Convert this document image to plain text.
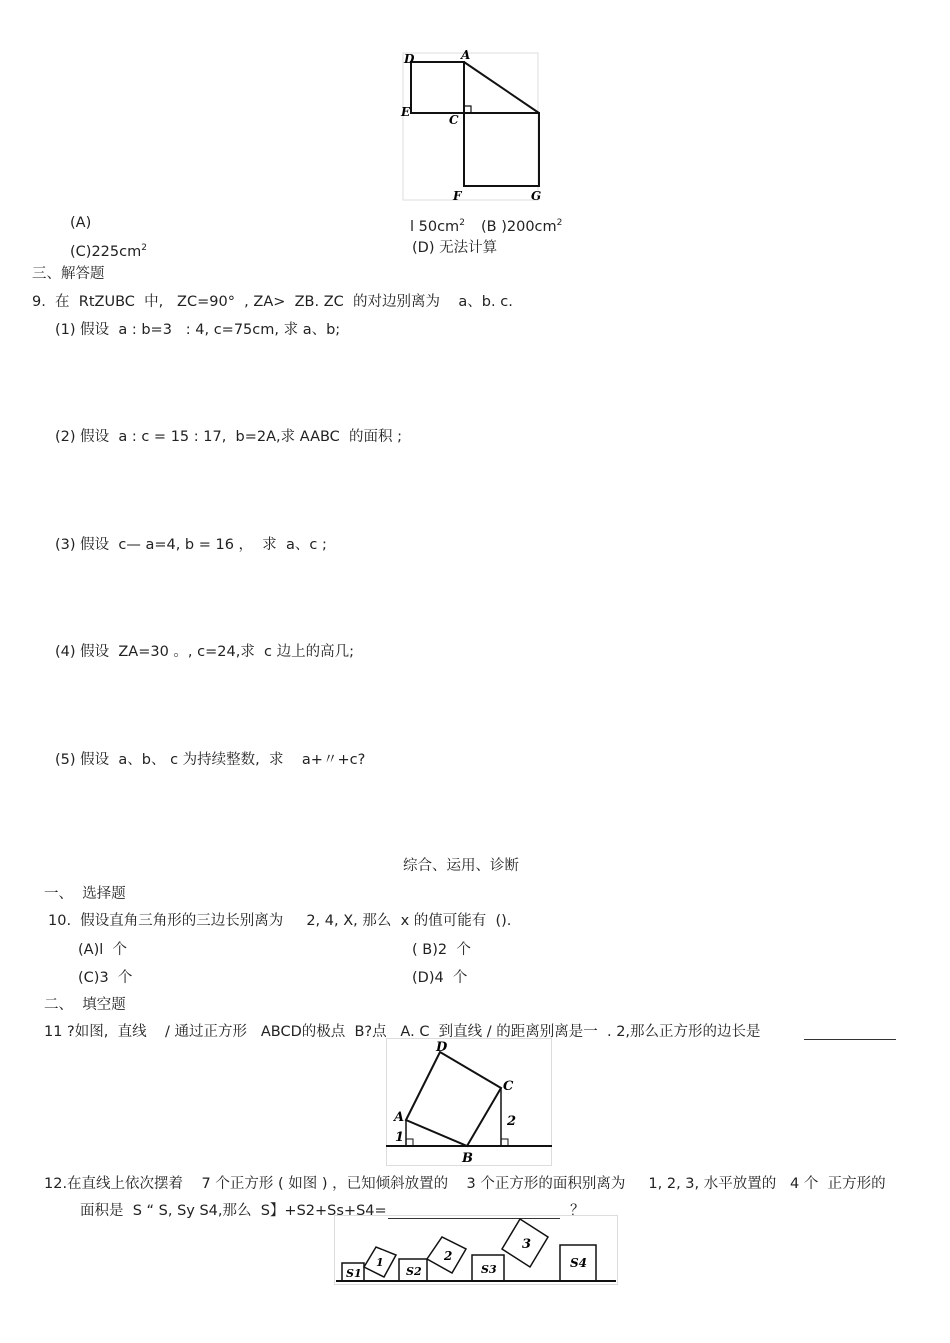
D	A
E
C
F	G
(A)	l $50cm^2$ (B )$200cm^2$
$(C)225cm^2$	(D) 无法计算
三、解答题
9.  在  RtZUBC  中,   ZC=90°  , ZA>  ZB. ZC  的对边别离为    a、b. c.
(1) 假设  a : b=3   : 4, c=75cm, 求 a、b;
(2) 假设  a : c = 15 : 17,  b=2A,求 AABC  的面积 ;
(3) 假设  c— a=4, b = 16 ，  求  a、c ;
(4) 假设  ZA=30 。, c=24,求  c 边上的高几;
(5) 假设  a、b、 c 为持续整数,  求    a+〃+c?
综合、运用、诊断
一、  选择题
10.  假设直角三角形的三边长别离为     2, 4, X, 那么  x 的值可能有  ().
(A)l  个	( B)2  个
(C)3  个	(D)4  个
二、  填空题
11 ?如图,  直线    / 通过正方形   ABCD的极点  B?点   A. C  到直线 / 的距离别离是一  . 2,那么正方形的边长是
D
C
A
B
1
2
12.在直线上依次摆着    7 个正方形 ( 如图 ) ，已知倾斜放置的    3 个正方形的面积别离为     1, 2, 3, 水平放置的   4 个  正方形的
面积是  S “ S, Sy S4,那么  S】+S2+Ss+S4=	？
S1
1
S2
2
S3
3
S4
